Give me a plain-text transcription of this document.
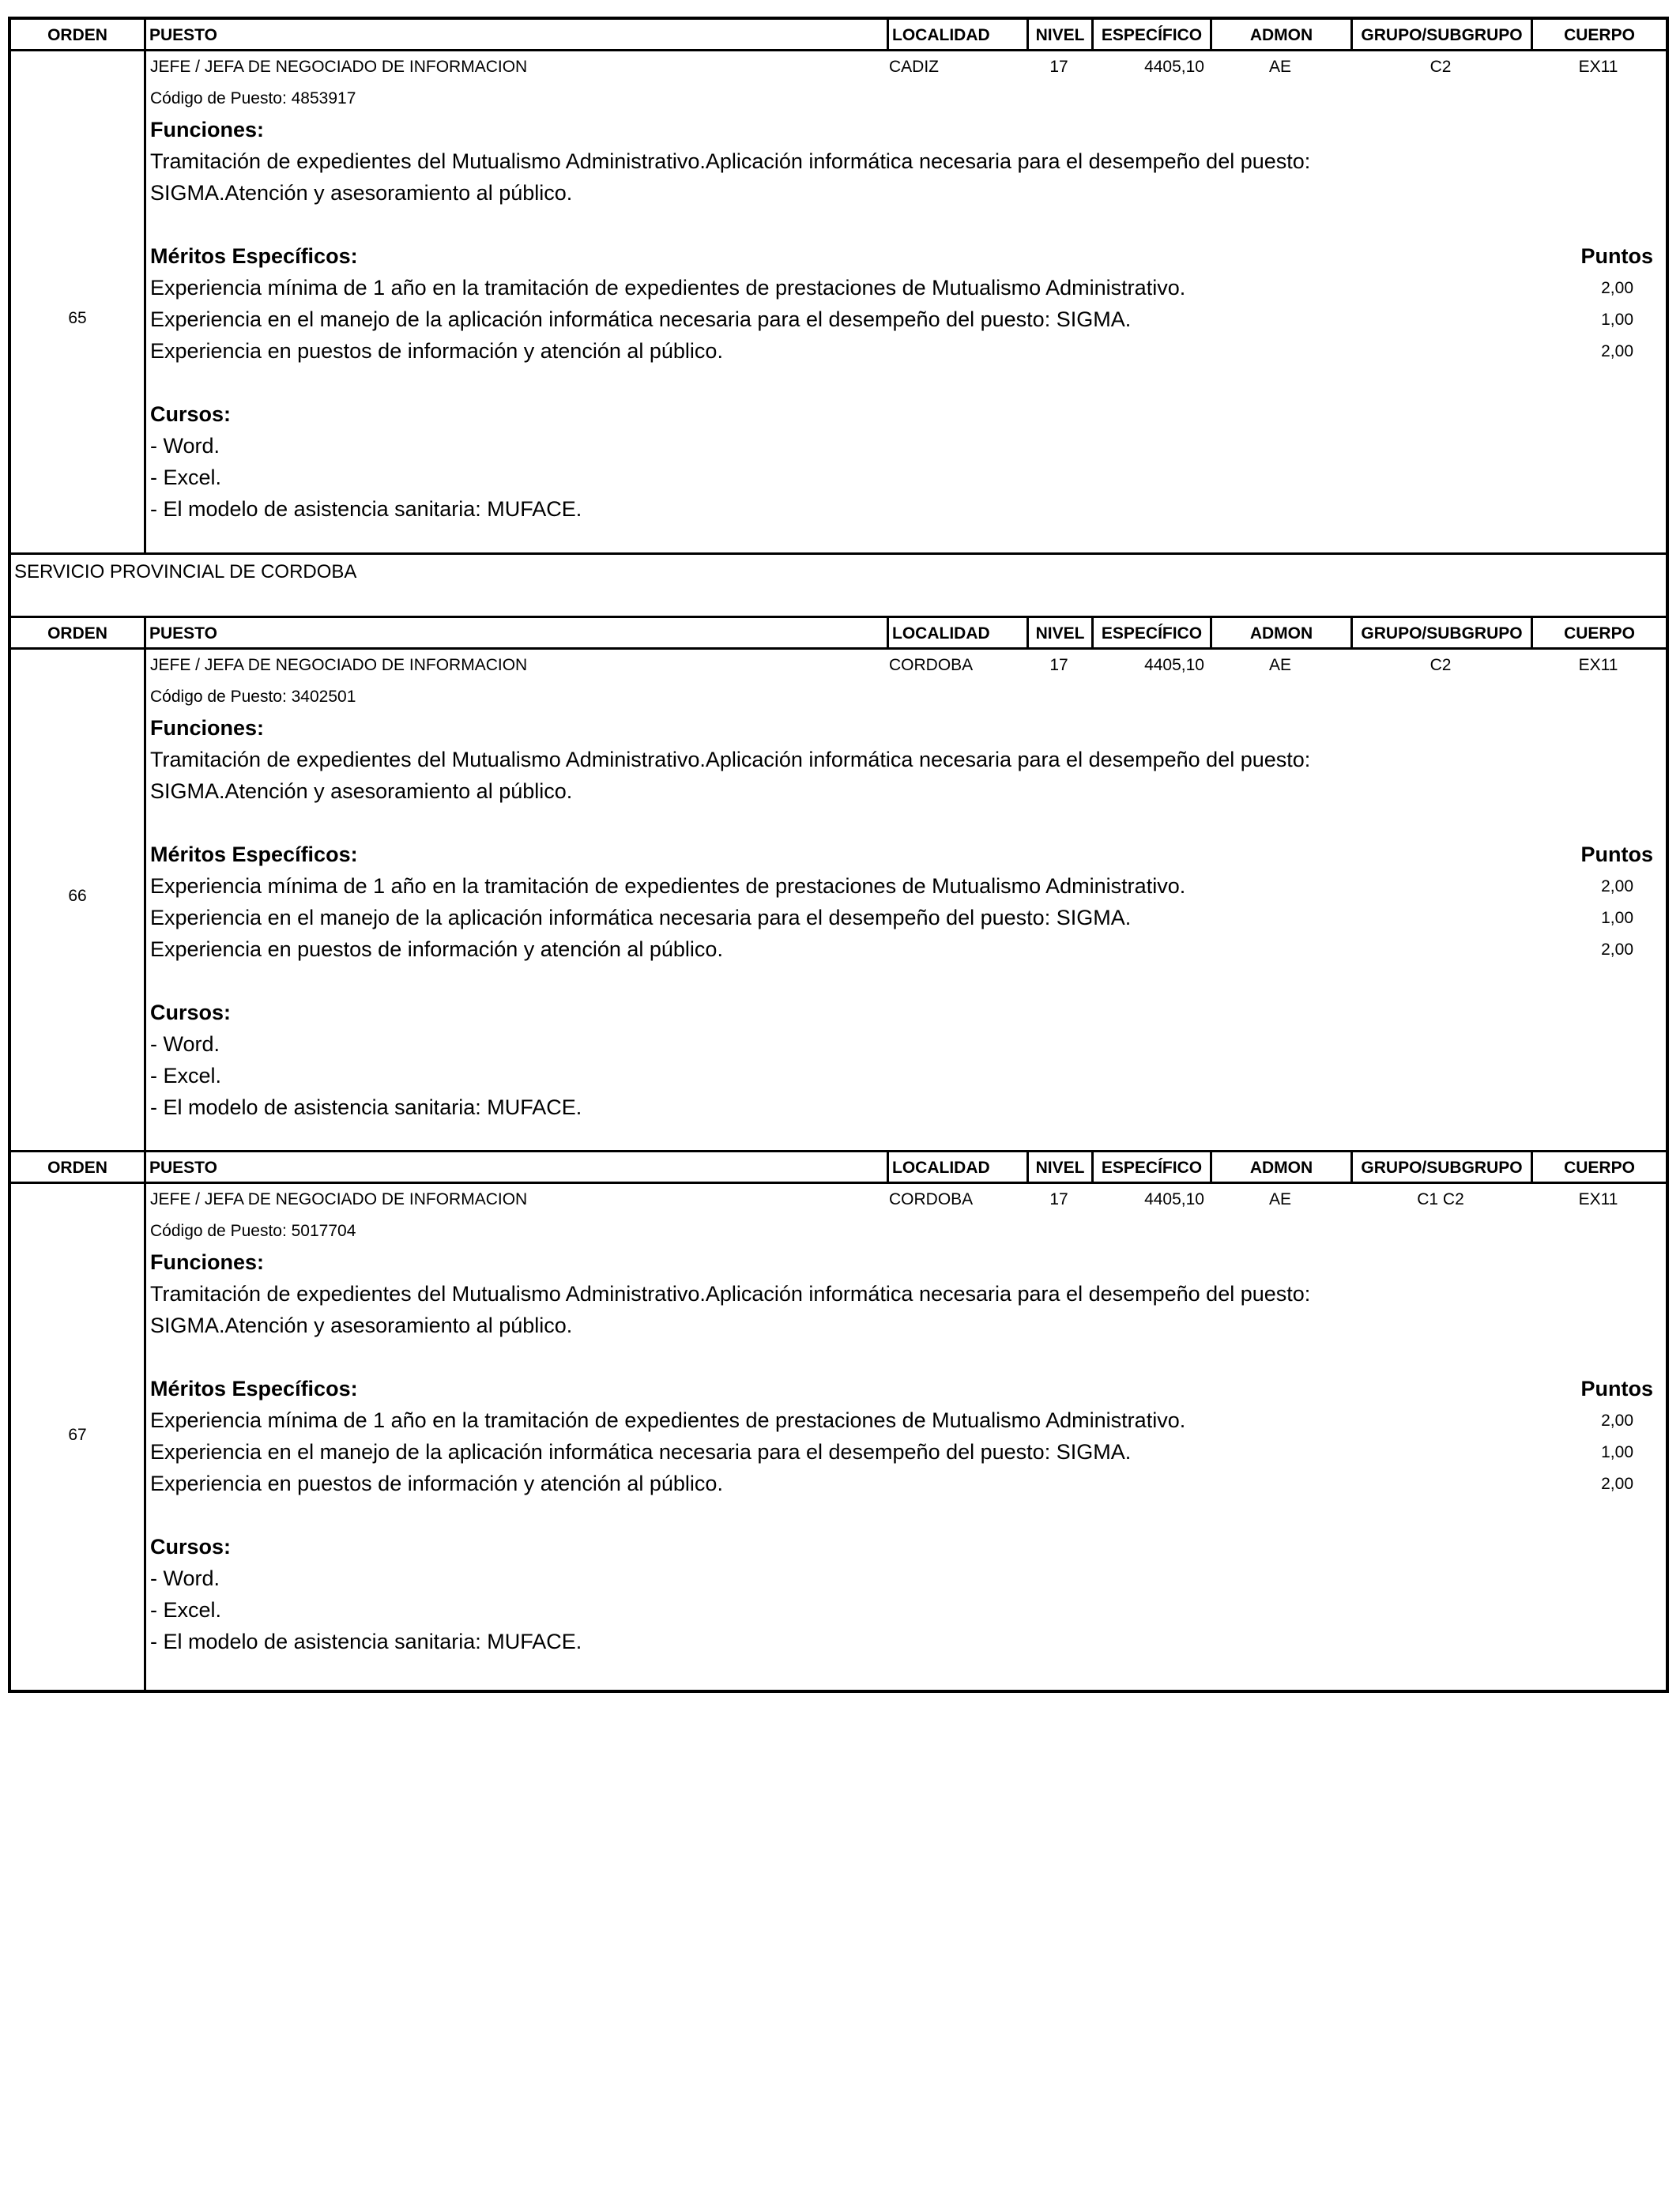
ORDEN	PUESTO	LOCALIDAD	NIVEL	ESPECÍFICO	ADMON	GRUPO/SUBGRUPO	CUERPO
65
JEFE / JEFA DE NEGOCIADO DE INFORMACION	CADIZ	17	4405,10	AE	C2	EX11
Código de Puesto: 4853917
Funciones:
Tramitación de expedientes del Mutualismo Administrativo.Aplicación informática necesaria para el desempeño del puesto:
SIGMA.Atención y asesoramiento al público.
Méritos Específicos:	Puntos
Experiencia mínima de 1 año en la tramitación de expedientes de prestaciones de Mutualismo Administrativo.	2,00
Experiencia en el manejo de la aplicación informática necesaria para el desempeño del puesto: SIGMA.	1,00
Experiencia en puestos de información y atención al público.	2,00
Cursos:
- Word.
- Excel.
- El modelo de asistencia sanitaria: MUFACE.
SERVICIO PROVINCIAL DE CORDOBA
ORDEN	PUESTO	LOCALIDAD	NIVEL	ESPECÍFICO	ADMON	GRUPO/SUBGRUPO	CUERPO
66
JEFE / JEFA DE NEGOCIADO DE INFORMACION	CORDOBA	17	4405,10	AE	C2	EX11
Código de Puesto: 3402501
Funciones:
Tramitación de expedientes del Mutualismo Administrativo.Aplicación informática necesaria para el desempeño del puesto:
SIGMA.Atención y asesoramiento al público.
Méritos Específicos:	Puntos
Experiencia mínima de 1 año en la tramitación de expedientes de prestaciones de Mutualismo Administrativo.	2,00
Experiencia en el manejo de la aplicación informática necesaria para el desempeño del puesto: SIGMA.	1,00
Experiencia en puestos de información y atención al público.	2,00
Cursos:
- Word.
- Excel.
- El modelo de asistencia sanitaria: MUFACE.
ORDEN	PUESTO	LOCALIDAD	NIVEL	ESPECÍFICO	ADMON	GRUPO/SUBGRUPO	CUERPO
67
JEFE / JEFA DE NEGOCIADO DE INFORMACION	CORDOBA	17	4405,10	AE	C1 C2	EX11
Código de Puesto: 5017704
Funciones:
Tramitación de expedientes del Mutualismo Administrativo.Aplicación informática necesaria para el desempeño del puesto:
SIGMA.Atención y asesoramiento al público.
Méritos Específicos:	Puntos
Experiencia mínima de 1 año en la tramitación de expedientes de prestaciones de Mutualismo Administrativo.	2,00
Experiencia en el manejo de la aplicación informática necesaria para el desempeño del puesto: SIGMA.	1,00
Experiencia en puestos de información y atención al público.	2,00
Cursos:
- Word.
- Excel.
- El modelo de asistencia sanitaria: MUFACE.
